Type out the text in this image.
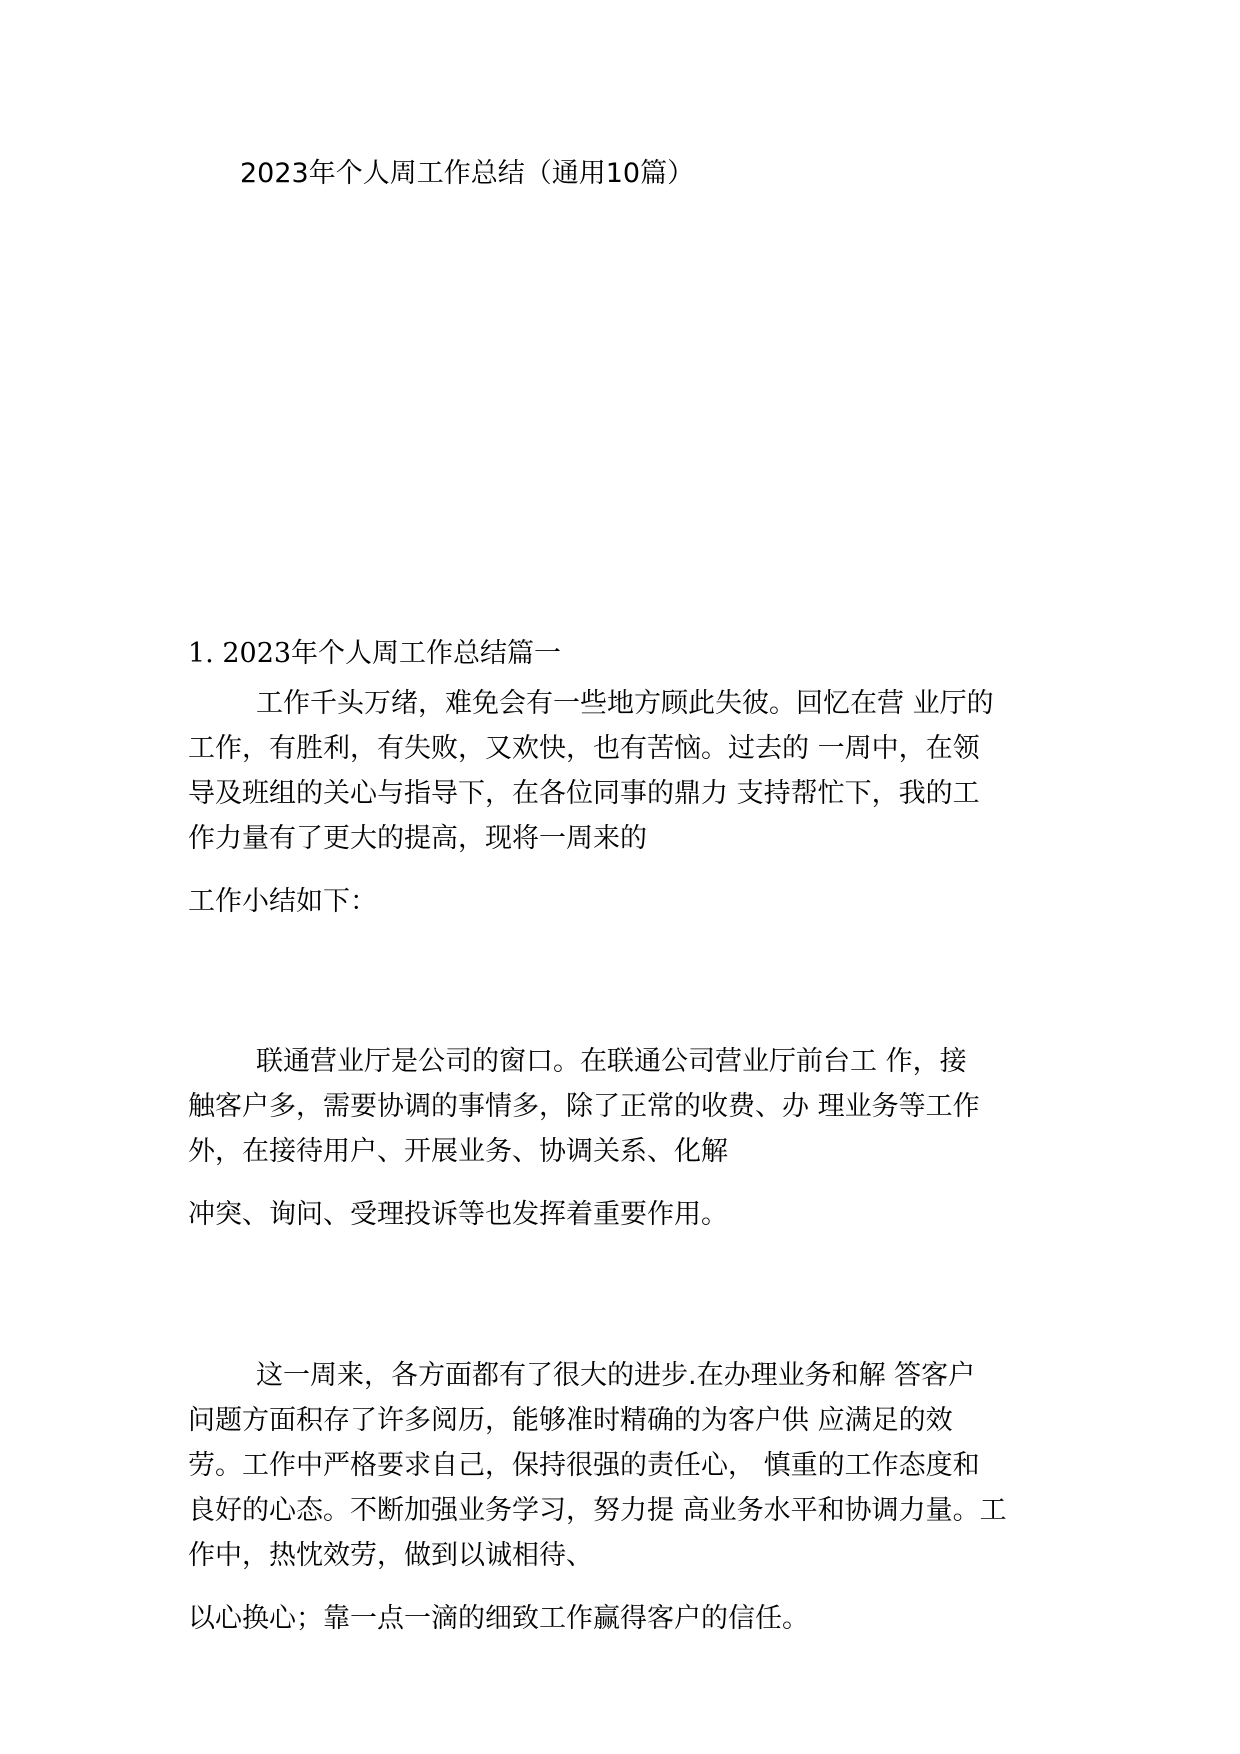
2023年个人周工作总结（通用10篇）
1. 2023年个人周工作总结篇一
工作千头万绪，难免会有一些地方顾此失彼。回忆在营 业厅的
工作，有胜利，有失败，又欢快，也有苦恼。过去的 一周中，在领
导及班组的关心与指导下，在各位同事的鼎力 支持帮忙下，我的工
作力量有了更大的提高，现将一周来的
工作小结如下：
联通营业厅是公司的窗口。在联通公司营业厅前台工 作，接
触客户多，需要协调的事情多，除了正常的收费、办 理业务等工作
外，在接待用户、开展业务、协调关系、化解
冲突、询问、受理投诉等也发挥着重要作用。
这一周来，各方面都有了很大的进步.在办理业务和解 答客户
问题方面积存了许多阅历，能够准时精确的为客户供 应满足的效
劳。工作中严格要求自己，保持很强的责任心， 慎重的工作态度和
良好的心态。不断加强业务学习，努力提 高业务水平和协调力量。工
作中，热忱效劳，做到以诚相待、
以心换心；靠一点一滴的细致工作赢得客户的信任。
